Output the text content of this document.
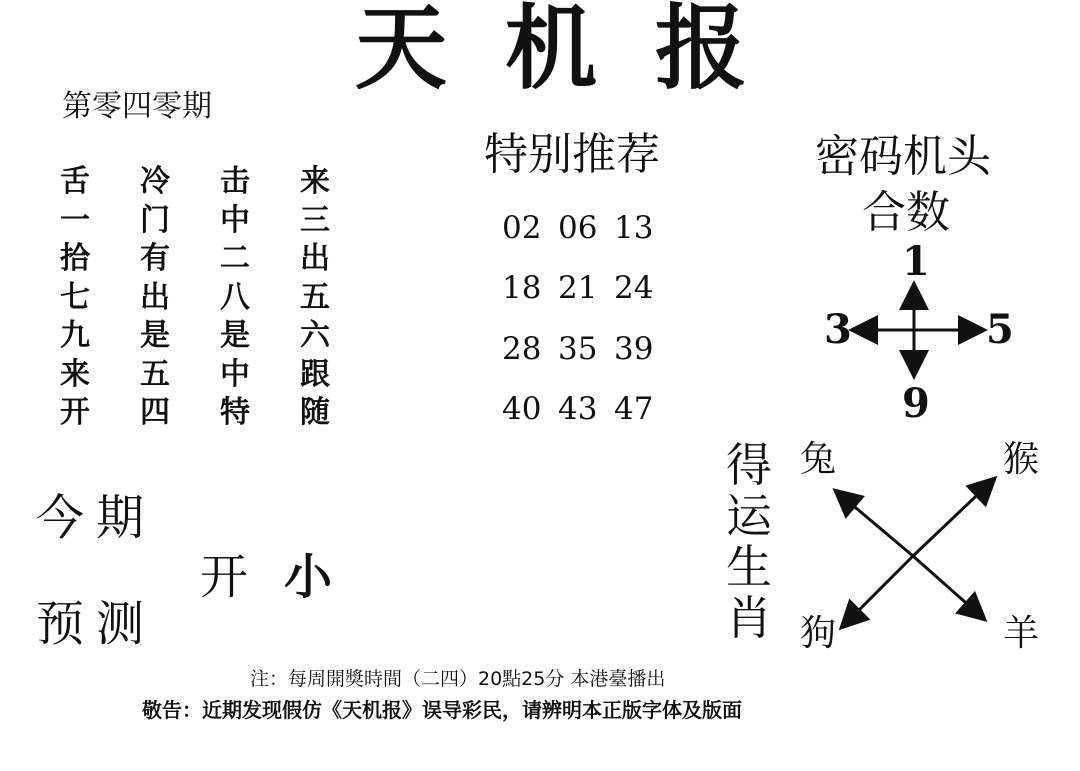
天机报
第零四零期
舌	冷	击	来
一	门	中	三
拾	有	二	出
七	出	八	五
九	是	是	六
来	五	中	跟
开	四	特	随
特别推荐
02 06 13
18 21 24
28 35 39
40 43 47
密码机头
合数
1
3	5
9
今期
预测
开 小
得运生肖
兔	猴
狗	羊
注：每周開獎時間（二四）20點25分 本港臺播出
敬告：近期发现假仿《天机报》误导彩民，请辨明本正版字体及版面
